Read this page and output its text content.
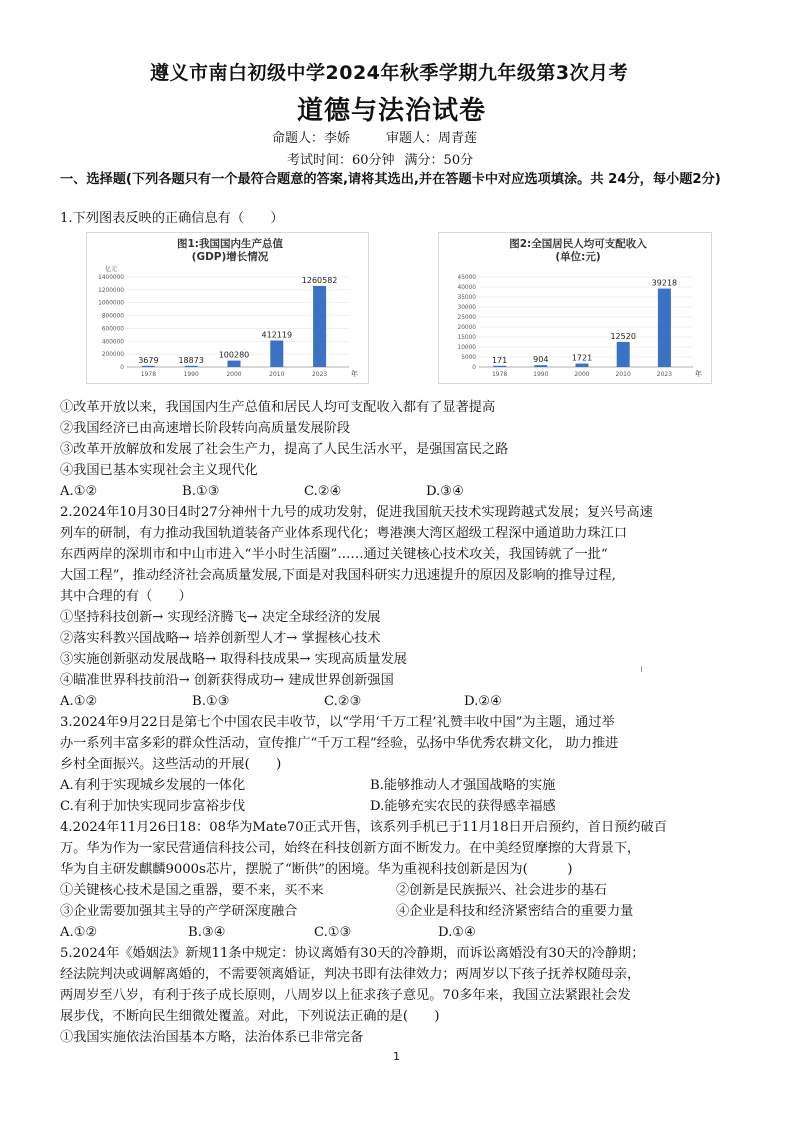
遵义市南白初级中学2024年秋季学期九年级第3次月考
道德与法治试卷
命题人：李娇	审题人：周青莲
考试时间：60分钟 满分：50分
一、选择题(下列各题只有一个最符合题意的答案,请将其选出,并在答题卡中对应选项填涂。共 24分，每小题2分)
1.下列图表反映的正确信息有（　　）
图1:我国国内生产总值
(GDP)增长情况
0
200000
400000
600000
800000
1000000
1200000
1400000
亿元
3679
1978
18873
1990
100280
2000
412119
2010
1260582
2023	年
图2:全国居民人均可支配收入
(单位:元)
0
5000
10000
15000
20000
25000
30000
35000
40000
45000
171
1978
904
1990
1721
2000
12520
2010
39218
2023	年
①改革开放以来，我国国内生产总值和居民人均可支配收入都有了显著提高
②我国经济已由高速增长阶段转向高质量发展阶段
③改革开放解放和发展了社会生产力，提高了人民生活水平，是强国富民之路
④我国已基本实现社会主义现代化
A.①②	B.①③	C.②④	D.③④
2.2024年10月30日4时27分神州十九号的成功发射，促进我国航天技术实现跨越式发展；复兴号高速
列车的研制，有力推动我国轨道装备产业体系现代化；粤港澳大湾区超级工程深中通道助力珠江口
东西两岸的深圳市和中山市进入“半小时生活圈”……通过关键核心技术攻关，我国铸就了一批“
大国工程”，推动经济社会高质量发展,下面是对我国科研实力迅速提升的原因及影响的推导过程,
其中合理的有（　　）
①坚持科技创新→ 实现经济腾飞→ 决定全球经济的发展
②落实科教兴国战略→ 培养创新型人才→ 掌握核心技术
③实施创新驱动发展战略→ 取得科技成果→ 实现高质量发展
④瞄准世界科技前沿→ 创新获得成功→ 建成世界创新强国
A.①②	B.①③	C.②③	D.②④
3.2024年9月22日是第七个中国农民丰收节，以“学用‘千万工程’礼赞丰收中国”为主题，通过举
办一系列丰富多彩的群众性活动，宣传推广“千万工程”经验，弘扬中华优秀农耕文化， 助力推进
乡村全面振兴。这些活动的开展(　　)
A.有利于实现城乡发展的一体化	B.能够推动人才强国战略的实施
C.有利于加快实现同步富裕步伐	D.能够充实农民的获得感幸福感
4.2024年11月26日18：08华为Mate70正式开售，该系列手机已于11月18日开启预约，首日预约破百
万。华为作为一家民营通信科技公司，始终在科技创新方面不断发力。在中美经贸摩擦的大背景下，
华为自主研发麒麟9000s芯片，摆脱了“断供”的困境。华为重视科技创新是因为(　　　)
①关键核心技术是国之重器，要不来，买不来	②创新是民族振兴、社会进步的基石
③企业需要加强其主导的产学研深度融合	④企业是科技和经济紧密结合的重要力量
A.①②	B.③④	C.①③	D.①④
5.2024年《婚姻法》新规11条中规定：协议离婚有30天的冷静期，而诉讼离婚没有30天的冷静期；
经法院判决或调解离婚的，不需要领离婚证，判决书即有法律效力；两周岁以下孩子抚养权随母亲，
两周岁至八岁，有利于孩子成长原则，八周岁以上征求孩子意见。70多年来，我国立法紧跟社会发
展步伐，不断向民生细微处覆盖。对此，下列说法正确的是(　　)
①我国实施依法治国基本方略，法治体系已非常完备
1
